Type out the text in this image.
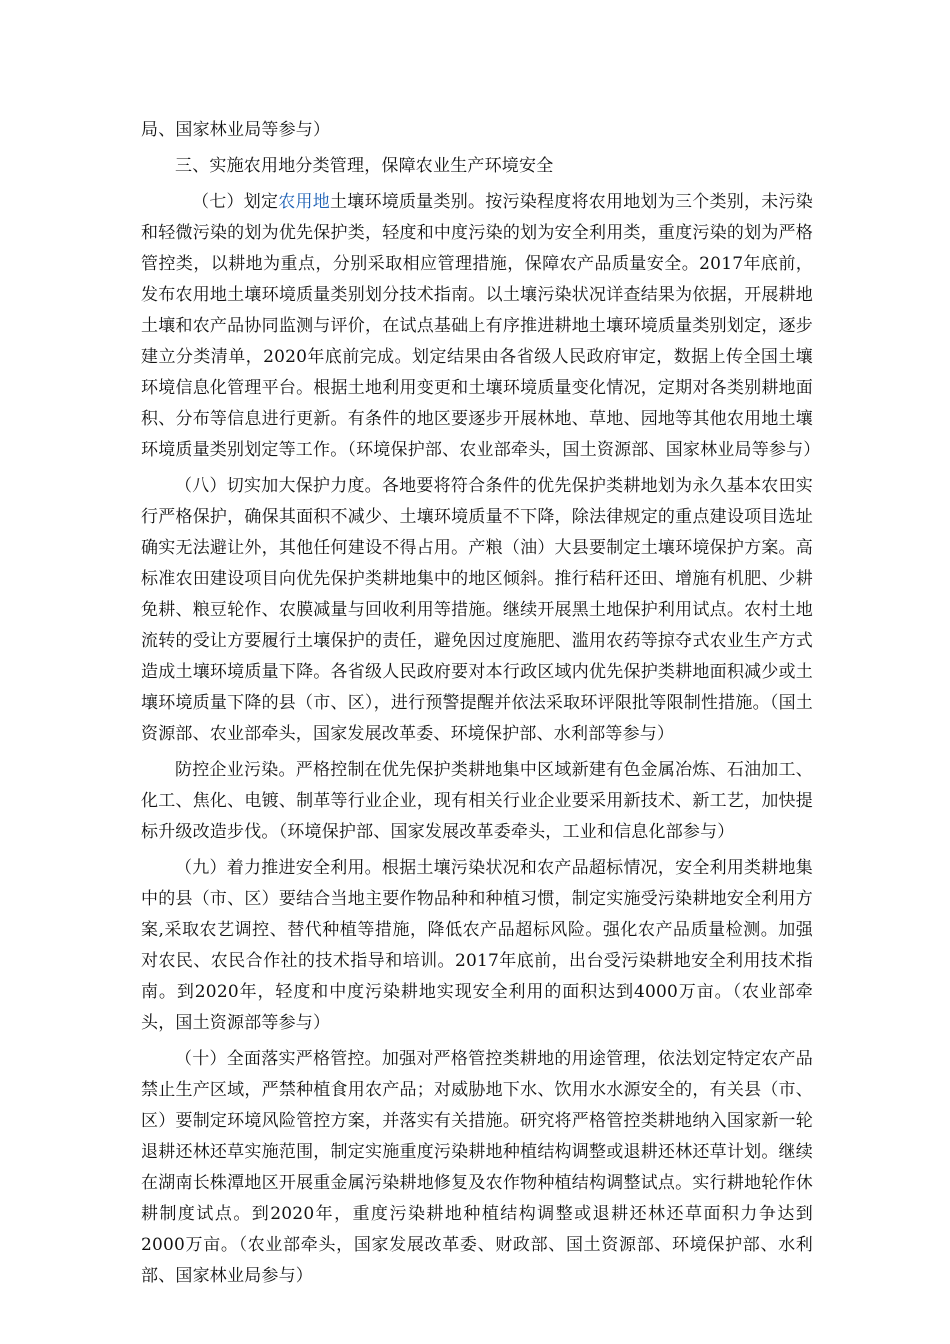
局、国家林业局等参与）

三、实施农用地分类管理，保障农业生产环境安全

（七）划定农用地土壤环境质量类别。按污染程度将农用地划为三个类别，未污染和轻微污染的划为优先保护类，轻度和中度污染的划为安全利用类，重度污染的划为严格管控类，以耕地为重点，分别采取相应管理措施，保障农产品质量安全。2017年底前，发布农用地土壤环境质量类别划分技术指南。以土壤污染状况详查结果为依据，开展耕地土壤和农产品协同监测与评价，在试点基础上有序推进耕地土壤环境质量类别划定，逐步建立分类清单，2020年底前完成。划定结果由各省级人民政府审定，数据上传全国土壤环境信息化管理平台。根据土地利用变更和土壤环境质量变化情况，定期对各类别耕地面积、分布等信息进行更新。有条件的地区要逐步开展林地、草地、园地等其他农用地土壤环境质量类别划定等工作。（环境保护部、农业部牵头，国土资源部、国家林业局等参与）

（八）切实加大保护力度。各地要将符合条件的优先保护类耕地划为永久基本农田实行严格保护，确保其面积不减少、土壤环境质量不下降，除法律规定的重点建设项目选址确实无法避让外，其他任何建设不得占用。产粮（油）大县要制定土壤环境保护方案。高标准农田建设项目向优先保护类耕地集中的地区倾斜。推行秸秆还田、增施有机肥、少耕免耕、粮豆轮作、农膜减量与回收利用等措施。继续开展黑土地保护利用试点。农村土地流转的受让方要履行土壤保护的责任，避免因过度施肥、滥用农药等掠夺式农业生产方式造成土壤环境质量下降。各省级人民政府要对本行政区域内优先保护类耕地面积减少或土壤环境质量下降的县（市、区），进行预警提醒并依法采取环评限批等限制性措施。（国土资源部、农业部牵头，国家发展改革委、环境保护部、水利部等参与）

防控企业污染。严格控制在优先保护类耕地集中区域新建有色金属冶炼、石油加工、化工、焦化、电镀、制革等行业企业，现有相关行业企业要采用新技术、新工艺，加快提标升级改造步伐。（环境保护部、国家发展改革委牵头，工业和信息化部参与）

（九）着力推进安全利用。根据土壤污染状况和农产品超标情况，安全利用类耕地集中的县（市、区）要结合当地主要作物品种和种植习惯，制定实施受污染耕地安全利用方案,采取农艺调控、替代种植等措施，降低农产品超标风险。强化农产品质量检测。加强对农民、农民合作社的技术指导和培训。2017年底前，出台受污染耕地安全利用技术指南。到2020年，轻度和中度污染耕地实现安全利用的面积达到4000万亩。（农业部牵头，国土资源部等参与）

（十）全面落实严格管控。加强对严格管控类耕地的用途管理，依法划定特定农产品禁止生产区域，严禁种植食用农产品；对威胁地下水、饮用水水源安全的，有关县（市、区）要制定环境风险管控方案，并落实有关措施。研究将严格管控类耕地纳入国家新一轮退耕还林还草实施范围，制定实施重度污染耕地种植结构调整或退耕还林还草计划。继续在湖南长株潭地区开展重金属污染耕地修复及农作物种植结构调整试点。实行耕地轮作休耕制度试点。到2020年，重度污染耕地种植结构调整或退耕还林还草面积力争达到2000万亩。（农业部牵头，国家发展改革委、财政部、国土资源部、环境保护部、水利部、国家林业局参与）
